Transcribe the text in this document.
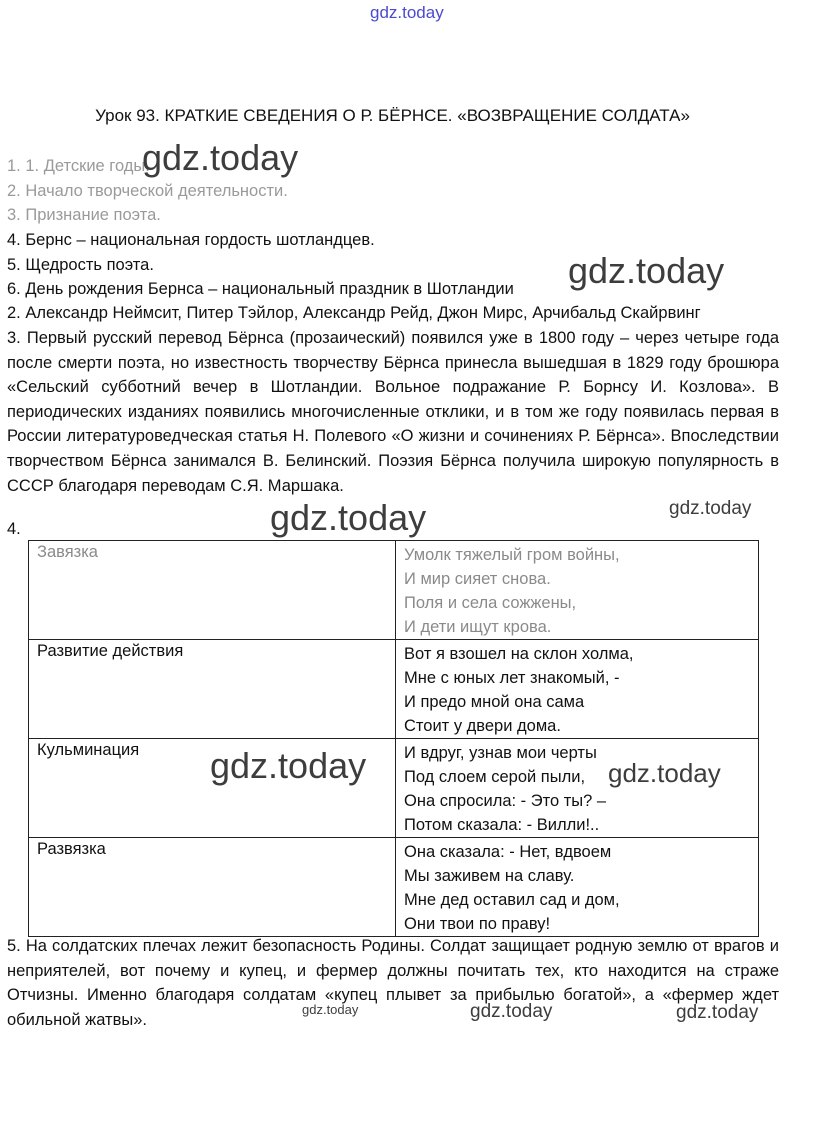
gdz.today
Урок 93. КРАТКИЕ СВЕДЕНИЯ О Р. БЁРНСЕ. «ВОЗВРАЩЕНИЕ СОЛДАТА»
1. 1. Детские годы.
2. Начало творческой деятельности.
3. Признание поэта.
4. Бернс – национальная гордость шотландцев.
5. Щедрость поэта.
6. День рождения Бернса – национальный праздник в Шотландии
2. Александр Неймсит, Питер Тэйлор, Александр Рейд, Джон Мирс, Арчибальд Скайрвинг
3. Первый русский перевод Бёрнса (прозаический) появился уже в 1800 году – через четыре года после смерти поэта, но известность творчеству Бёрнса принесла вышедшая в 1829 году брошюра «Сельский субботний вечер в Шотландии. Вольное подражание Р. Борнсу И. Козлова». В периодических изданиях появились многочисленные отклики, и в том же году появилась первая в России литературоведческая статья Н. Полевого «О жизни и сочинениях Р. Бёрнса». Впоследствии творчеством Бёрнса занимался В. Белинский. Поэзия Бёрнса получила широкую популярность в СССР благодаря переводам С.Я. Маршака.
4.
Завязка	Умолк тяжелый гром войны,
И мир сияет снова.
Поля и села сожжены,
И дети ищут крова.

Развитие действия	Вот я взошел на склон холма,
Мне с юных лет знакомый, -
И предо мной она сама
Стоит у двери дома.

Кульминация	И вдруг, узнав мои черты
Под слоем серой пыли,
Она спросила: - Это ты? –
Потом сказала: - Вилли!..

Развязка	Она сказала: - Нет, вдвоем
Мы заживем на славу.
Мне дед оставил сад и дом,
Они твои по праву!
5. На солдатских плечах лежит безопасность Родины. Солдат защищает родную землю от врагов и неприятелей, вот почему и купец, и фермер должны почитать тех, кто находится на страже Отчизны. Именно благодаря солдатам «купец плывет за прибылью богатой», а «фермер ждет обильной жатвы».
gdz.today
gdz.today
gdz.today	gdz.today
gdz.today	gdz.today
gdz.today	gdz.today	gdz.today
